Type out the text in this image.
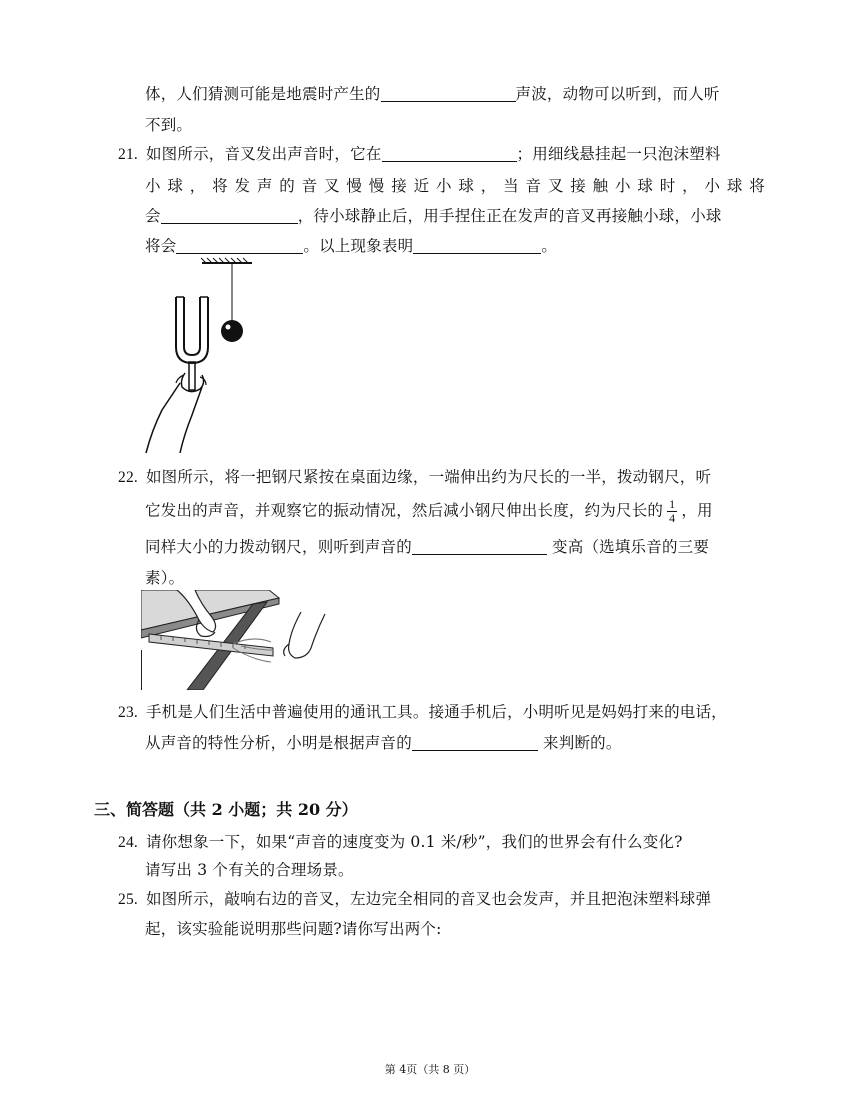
体，人们猜测可能是地震时产生的	声波，动物可以听到，而人听
不到。
21. 如图所示，音叉发出声音时，它在	；用细线悬挂起一只泡沫塑料
小球，将发声的音叉慢慢接近小球，当音叉接触小球时，小球将
会	，待小球静止后，用手捏住正在发声的音叉再接触小球，小球
将会	。以上现象表明	。
22. 如图所示，将一把钢尺紧按在桌面边缘，一端伸出约为尺长的一半，拨动钢尺，听
它发出的声音，并观察它的振动情况，然后减小钢尺伸出长度，约为尺长的 $\frac{1}{4}$ ，用
同样大小的力拨动钢尺，则听到声音的	变高（选填乐音的三要
素）。
23. 手机是人们生活中普遍使用的通讯工具。接通手机后，小明听见是妈妈打来的电话，
从声音的特性分析，小明是根据声音的	来判断的。
三、简答题（共 2 小题；共 20 分）
24. 请你想象一下，如果“声音的速度变为 0.1 米/秒”，我们的世界会有什么变化?
请写出 3 个有关的合理场景。
25. 如图所示，敲响右边的音叉，左边完全相同的音叉也会发声，并且把泡沫塑料球弹
起，该实验能说明那些问题?请你写出两个:
第 4页（共 8 页）
